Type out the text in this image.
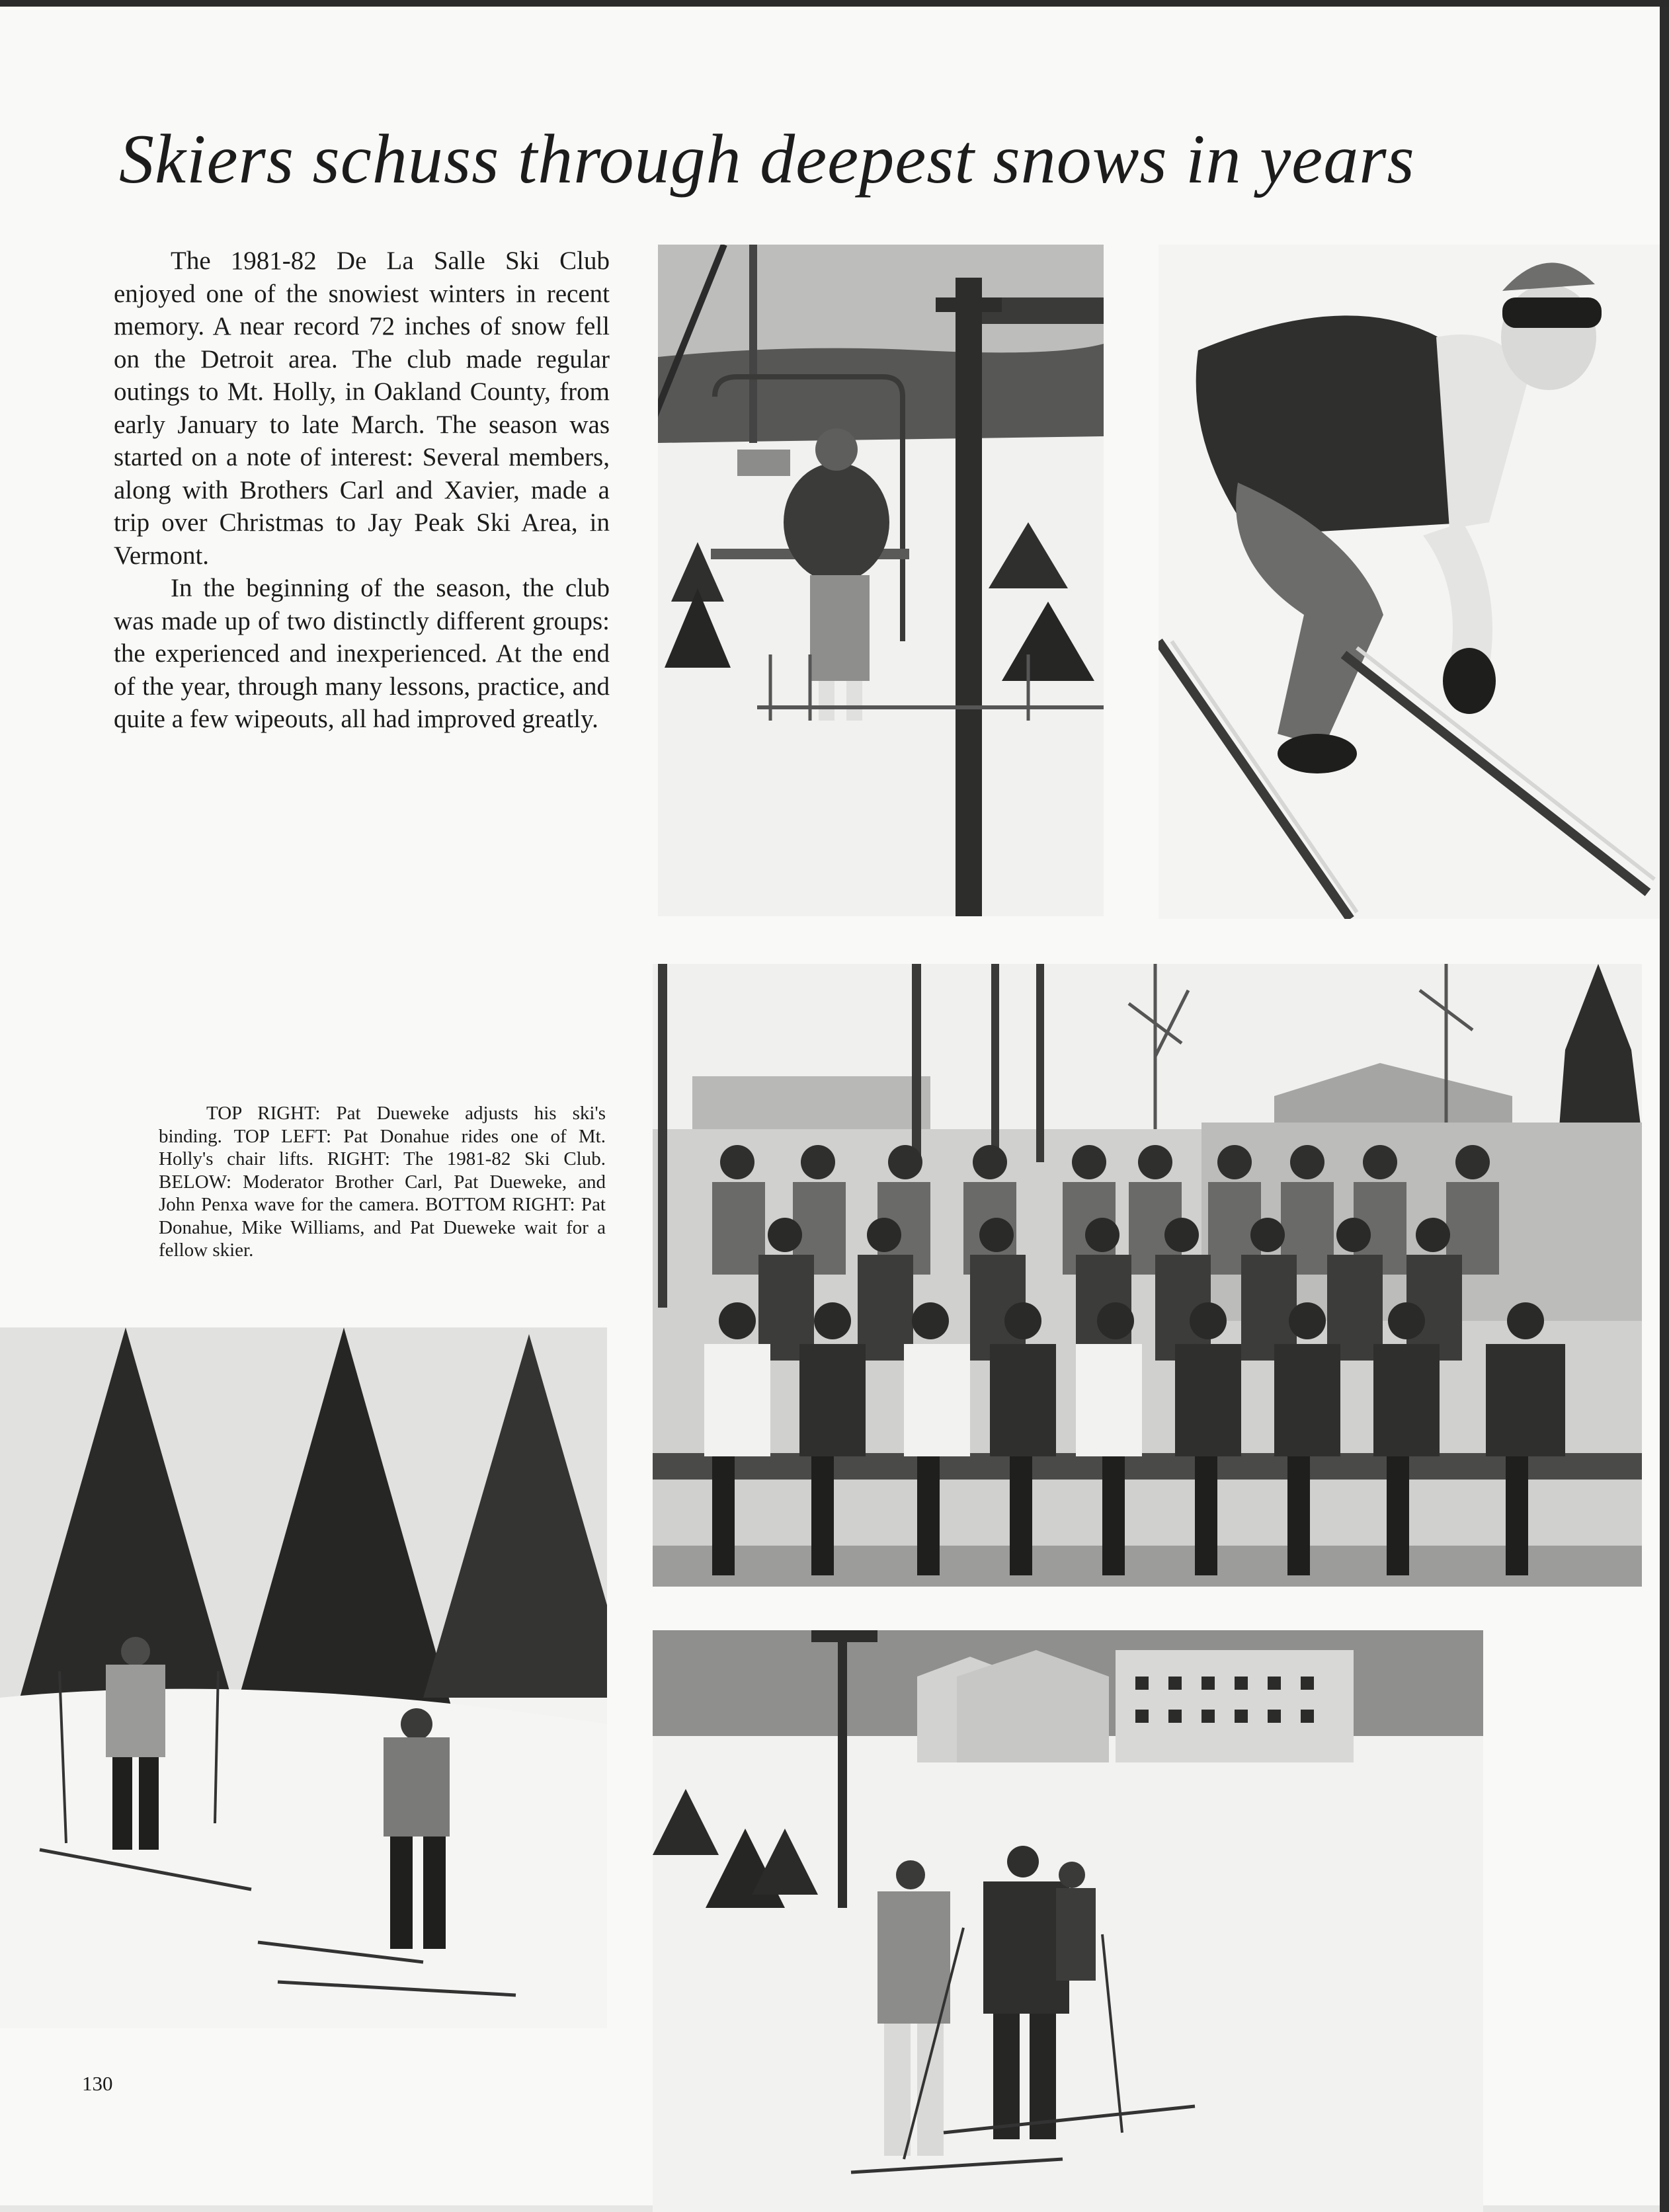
Skiers schuss through deepest snows in years

The 1981-82 De La Salle Ski Club enjoyed one of the snowiest winters in recent memory. A near record 72 inches of snow fell on the Detroit area. The club made regular outings to Mt. Holly, in Oakland County, from early January to late March. The season was started on a note of interest: Several members, along with Brothers Carl and Xavier, made a trip over Christmas to Jay Peak Ski Area, in Vermont.

In the beginning of the season, the club was made up of two distinctly different groups: the experienced and inexperienced. At the end of the year, through many lessons, practice, and quite a few wipeouts, all had improved greatly.

TOP RIGHT: Pat Dueweke adjusts his ski's binding. TOP LEFT: Pat Donahue rides one of Mt. Holly's chair lifts. RIGHT: The 1981-82 Ski Club. BELOW: Moderator Brother Carl, Pat Dueweke, and John Penxa wave for the camera. BOTTOM RIGHT: Pat Donahue, Mike Williams, and Pat Dueweke wait for a fellow skier.

130
